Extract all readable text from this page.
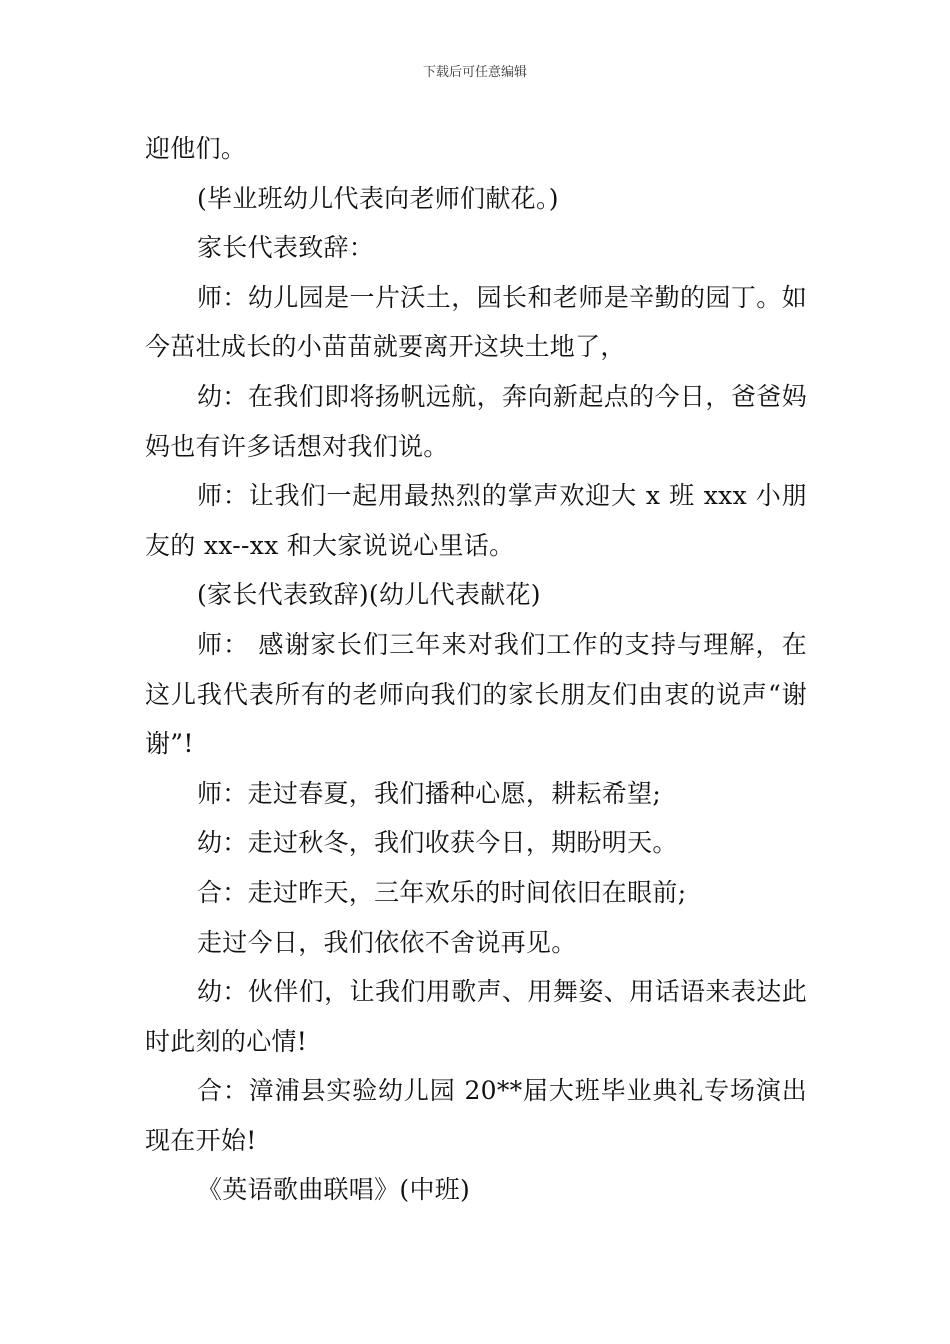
下载后可任意编辑

迎他们。

(毕业班幼儿代表向老师们献花。)

家长代表致辞：

师：幼儿园是一片沃土，园长和老师是辛勤的园丁。如今茁壮成长的小苗苗就要离开这块土地了，

幼：在我们即将扬帆远航，奔向新起点的今日，爸爸妈妈也有许多话想对我们说。

师：让我们一起用最热烈的掌声欢迎大 x 班 xxx 小朋友的 xx--xx 和大家说说心里话。

(家长代表致辞)(幼儿代表献花)

师： 感谢家长们三年来对我们工作的支持与理解，在这儿我代表所有的老师向我们的家长朋友们由衷的说声“谢谢”!

师：走过春夏，我们播种心愿，耕耘希望;

幼：走过秋冬，我们收获今日，期盼明天。

合：走过昨天，三年欢乐的时间依旧在眼前;

走过今日，我们依依不舍说再见。

幼：伙伴们，让我们用歌声、用舞姿、用话语来表达此时此刻的心情!

合：漳浦县实验幼儿园 20**届大班毕业典礼专场演出现在开始!

《英语歌曲联唱》(中班)
